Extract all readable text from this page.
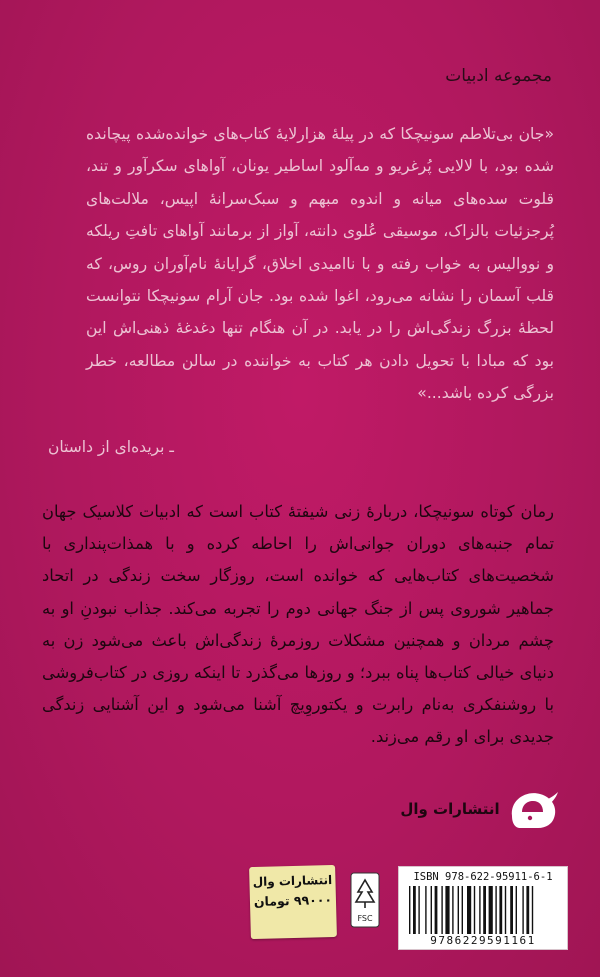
مجموعه ادبیات

«جان بی‌تلاطم سونیچکا که در پیلهٔ هزارلایهٔ کتاب‌های خوانده‌شده پیچانده شده بود، با لالایی پُرغریو و مه‌آلود اساطیر یونان، آواهای سکرآور و تند، قلوت سده‌های میانه و اندوه مبهم و سبک‌سرانهٔ اپیس، ملالت‌های پُرجزئیات بالزاک، موسیقی عُلوی دانته، آواز از برمانند آواهای تافتِ ریلکه و نووالیس به خواب رفته و با ناامیدی اخلاق، گرایانهٔ نام‌آوران روس، که قلب آسمان را نشانه می‌رود، اغوا شده بود. جان آرام سونیچکا نتوانست لحظهٔ بزرگ زندگی‌اش را در یابد. در آن هنگام تنها دغدغهٔ ذهنی‌اش این بود که مبادا با تحویل دادن هر کتاب به خواننده در سالن مطالعه، خطر بزرگی کرده باشد...»

ـ بریده‌ای از داستان

رمان کوتاه سونیچکا، دربارهٔ زنی شیفتهٔ کتاب است که ادبیات کلاسیک جهان تمام جنبه‌های دوران جوانی‌اش را احاطه کرده و با همذات‌پنداری با شخصیت‌های کتاب‌هایی که خوانده است، روزگار سخت زندگی در اتحاد جماهیر شوروی پس از جنگ جهانی دوم را تجربه می‌کند. جذاب نبودنِ او به چشم مردان و همچنین مشکلات روزمرهٔ زندگی‌اش باعث می‌شود زن به دنیای خیالی کتاب‌ها پناه ببرد؛ و روزها می‌گذرد تا اینکه روزی در کتاب‌فروشی با روشنفکری به‌نام رابرت و یکتوروِیچ آشنا می‌شود و این آشنایی زندگی جدیدی برای او رقم می‌زند.

انتشارات وال
انتشارات وال
۹۹۰۰۰ تومان
FSC
ISBN 978-622-95911-6-1
9786229591161
